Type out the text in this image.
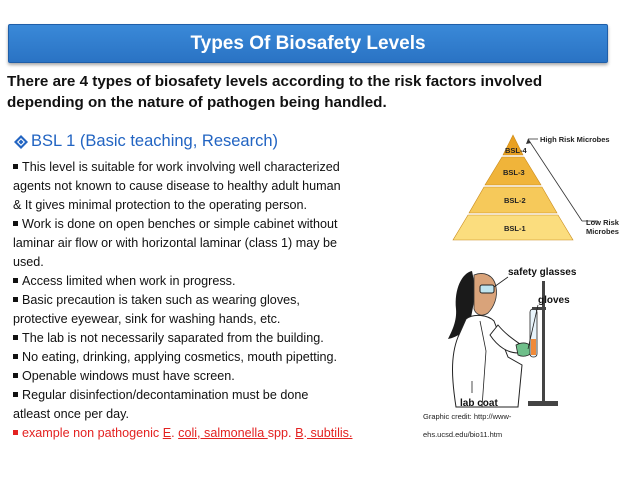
Types Of Biosafety Levels
There are 4 types of biosafety levels according to the risk factors involved
depending on the nature of pathogen being handled.
BSL 1 (Basic teaching, Research)

This level is suitable for work involving well characterized

agents not known to cause disease to healthy adult human

& It gives minimal protection to the operating person.

Work is done on open benches or simple cabinet without

laminar air flow or with horizontal laminar (class 1) may be

used.

Access limited when work in progress.

Basic precaution is taken such as wearing gloves,

protective eyewear, sink for washing hands, etc.

The lab is not necessarily saparated from the building.

No eating, drinking, applying cosmetics, mouth pipetting.

Openable windows must have screen.

Regular disinfection/decontamination must be done

atleast once per day.

example non pathogenic E. coli, salmonella spp. B. subtilis.

BSL-4
BSL-3
BSL-2
BSL-1
High Risk Microbes
Low Risk
Microbes
safety glasses
gloves
lab coat
Graphic credit: http://www-
ehs.ucsd.edu/bio11.htm
